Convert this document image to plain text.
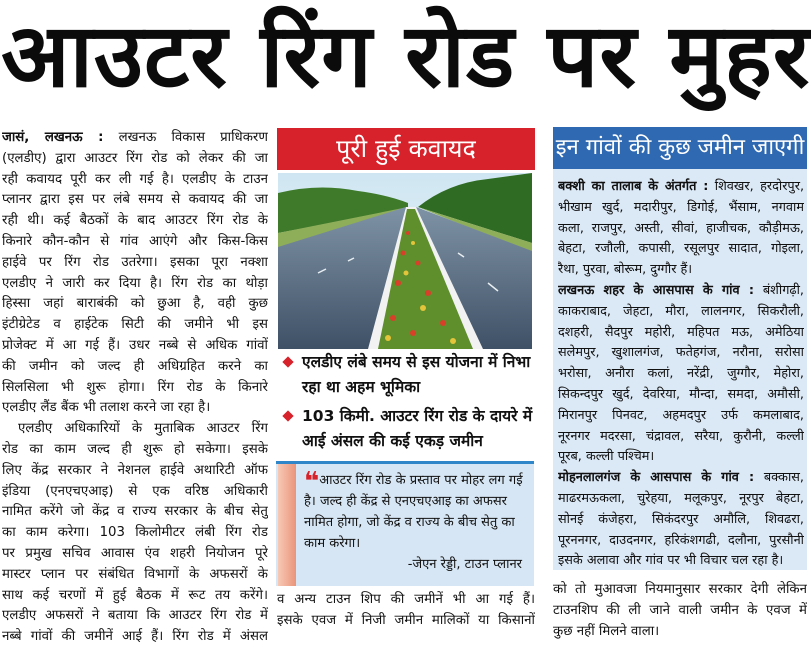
आउटर रिंग रोड पर मुहर
जासं, लखनऊ : लखनऊ विकास प्राधिकरण
(एलडीए) द्वारा आउटर रिंग रोड को लेकर की जा
रही कवायद पूरी कर ली गई है। एलडीए के टाउन
प्लानर द्वारा इस पर लंबे समय से कवायद की जा
रही थी। कई बैठकों के बाद आउटर रिंग रोड के
किनारे कौन-कौन से गांव आएंगे और किस-किस
हाईवे पर रिंग रोड उतरेगा। इसका पूरा नक्शा
एलडीए ने जारी कर दिया है। रिंग रोड का थोड़ा
हिस्सा जहां बाराबंकी को छुआ है, वही कुछ
इंटीग्रेटेड व हाईटेक सिटी की जमीने भी इस
प्रोजेक्ट में आ गई हैं। उधर नब्बे से अधिक गांवों
की जमीन को जल्द ही अधिग्रहित करने का
सिलसिला भी शुरू होगा। रिंग रोड के किनारे
एलडीए लैंड बैंक भी तलाश करने जा रहा है।
एलडीए अधिकारियों के मुताबिक आउटर रिंग
रोड का काम जल्द ही शुरू हो सकेगा। इसके
लिए केंद्र सरकार ने नेशनल हाईवे अथारिटी ऑफ
इंडिया (एनएचएआइ) से एक वरिष्ठ अधिकारी
नामित करेंगे जो केंद्र व राज्य सरकार के बीच सेतु
का काम करेगा। 103 किलोमीटर लंबी रिंग रोड
पर प्रमुख सचिव आवास एंव शहरी नियोजन पूरे
मास्टर प्लान पर संबंधित विभागों के अफसरों के
साथ कई चरणों में हुई बैठक में रूट तय करेंगे।
एलडीए अफसरों ने बताया कि आउटर रिंग रोड में
नब्बे गांवों की जमीनें आई हैं। रिंग रोड में अंसल
पूरी हुई कवायद
एलडीए लंबे समय से इस योजना में निभा रहा था अहम भूमिका
103 किमी. आउटर रिंग रोड के दायरे में आई अंसल की कई एकड़ जमीन
❝आउटर रिंग रोड के प्रस्ताव पर मोहर लग गई है। जल्द ही केंद्र से एनएचएआइ का अफसर नामित होगा, जो केंद्र व राज्य के बीच सेतु का काम करेगा।
-जेएन रेड्डी, टाउन प्लानर
व अन्य टाउन शिप की जमीनें भी आ गई हैं।
इसके एवज में निजी जमीन मालिकों या किसानों
इन गांवों की कुछ जमीन जाएगी
बक्शी का तालाब के अंतर्गत : शिवखर, हरदोरपुर,
भीखाम खुर्द, मदारीपुर, डिगोई, भैंसाम, नगवाम
कला, राजपुर, अस्ती, सीवां, हाजीचक, कौड़ीमऊ,
बेहटा, रजौली, कपासी, रसूलपुर सादात, गोइला,
रैथा, पुरवा, बोरूम, दुग्गौर हैं।
लखनऊ शहर के आसपास के गांव : बंशीगढ़ी,
काकराबाद, जेहटा, मौरा, लालनगर, सिकरौली,
दशहरी, सैदपुर महोरी, महिपत मऊ, अमेठिया
सलेमपुर, खुशालगंज, फतेहगंज, नरौना, सरोसा
भरोसा, अनौरा कलां, नरेंद्री, जुग्गौर, मेहोरा,
सिकन्दपुर खुर्द, देवरिया, मौन्दा, समदा, अमौसी,
मिरानपुर पिनवट, अहमदपुर उर्फ कमलाबाद,
नूरनगर मदरसा, चंद्रावल, सरैया, कुरौनी, कल्ली
पूरब, कल्ली पश्चिम।
मोहनलालगंज के आसपास के गांव : बक्कास,
माढरमऊकला, चुरेहया, मलूकपुर, नूरपुर बेहटा,
सोनई कंजेहरा, सिकंदरपुर अमौलि, शिवढरा,
पूरननगर, दाउदनगर, हरिकंशगढी, दलौना, पुरसौनी
इसके अलावा और गांव पर भी विचार चल रहा है।
को तो मुआवजा नियमानुसार सरकार देगी लेकिन
टाउनशिप की ली जाने वाली जमीन के एवज में
कुछ नहीं मिलने वाला।
